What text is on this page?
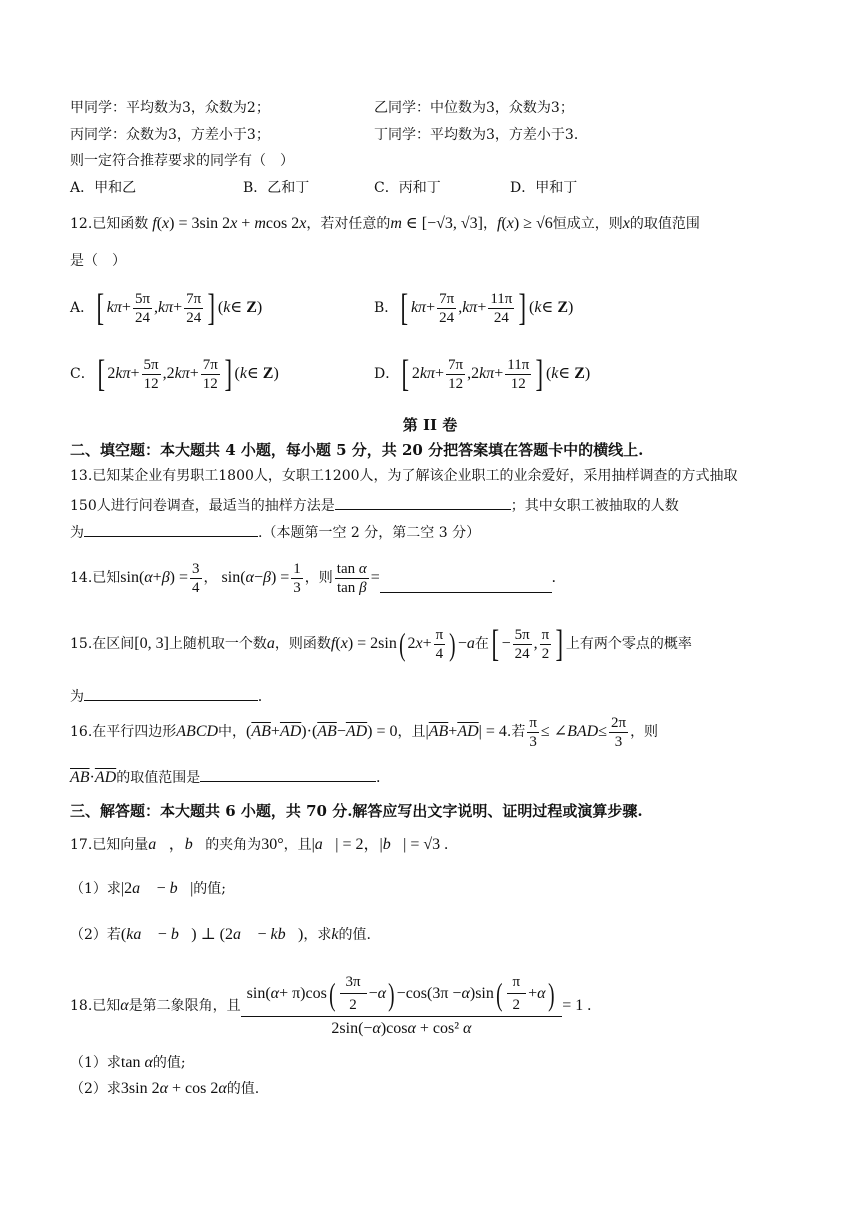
甲同学：平均数为3，众数为2；	乙同学：中位数为3，众数为3；
丙同学：众数为3，方差小于3；	丁同学：平均数为3，方差小于3．
则一定符合推荐要求的同学有（　）
A．甲和乙	B．乙和丁	C．丙和丁	D．甲和丁
12.已知函数 f(x) = 3sin 2x + mcos 2x，若对任意的m ∈ [−√3, √3]，f(x) ≥ √6恒成立，则x的取值范围
是（　）
A． [ $k\pi + \frac{5\pi}{24}$ , $k\pi + \frac{7\pi}{24}$ ] ( k ∈ Z)	B． [ $k\pi + \frac{7\pi}{24}$ , $k\pi + \frac{11\pi}{24}$ ] ( k ∈ Z)
C． [ 2 $k\pi + \frac{5\pi}{12} ,2$ $k\pi + \frac{7\pi}{12}$ ] ( k ∈ Z)	D． [ 2 $k\pi + \frac{7\pi}{12} ,2$ $k\pi + \frac{11\pi}{12}$ ] ( k ∈ Z)
第 II 卷
二、填空题：本大题共 4 小题，每小题 5 分，共 20 分把答案填在答题卡中的横线上.
13.已知某企业有男职工1800人，女职工1200人，为了解该企业职工的业余爱好，采用抽样调查的方式抽取
150人进行问卷调查，最适当的抽样方法是	；其中女职工被抽取的人数
为	.（本题第一空 2 分，第二空 3 分）
14.已知 sin( α + β ) = $\frac{3}{4}$ ， sin( α − β ) = $\frac{1}{3}$ ，则 $\frac{\text{tan α}}{\text{tan β}}$ =	.
15.在区间 [0, 3] 上随机取一个数 a ，则函数 f ( x ) = 2sin ( 2 $x + \frac{\pi}{4}$ ) − a 在 [ − $\frac{5\pi}{24}$ , $\frac{\pi}{2}$ ] 上有两个零点的概率
为	.
16.在平行四边形 ABCD 中， ( $\overline{AB} + \overline{AD}$ )·( $\overline{AB} - \overline{AD}$ ) = 0 ，且 | $\overline{AB} + \overline{AD}$ | = 4 .若 $\frac{\pi}{3}$ ≤ ∠ BAD ≤ $\frac{2\pi}{3}$ ，则
$\overline{AB}\cdot\overline{AD}$的取值范围是	.
三、解答题：本大题共 6 小题，共 70 分.解答应写出文字说明、证明过程或演算步骤.
17.已知向量a⃗，b⃗的夹角为30°，且|a⃗| = 2，|b⃗| = √3 .
（1）求|2a⃗ − b⃗|的值;
（2）若(ka⃗ − b⃗) ⊥ (2a⃗ − kb⃗)，求k的值.
18.已知 α 是第二象限角，且 $\frac{\sin( \alpha + \pi)\cos ( \frac{3\pi}{2} - \alpha ) -\cos(3\pi - \alpha )\sin ( \frac{\pi}{2} + \alpha )}{\text{2sin(−α)cosα + cos² α}} = 1$ .
（1）求tan α的值;
（2）求3sin 2α + cos 2α的值.
